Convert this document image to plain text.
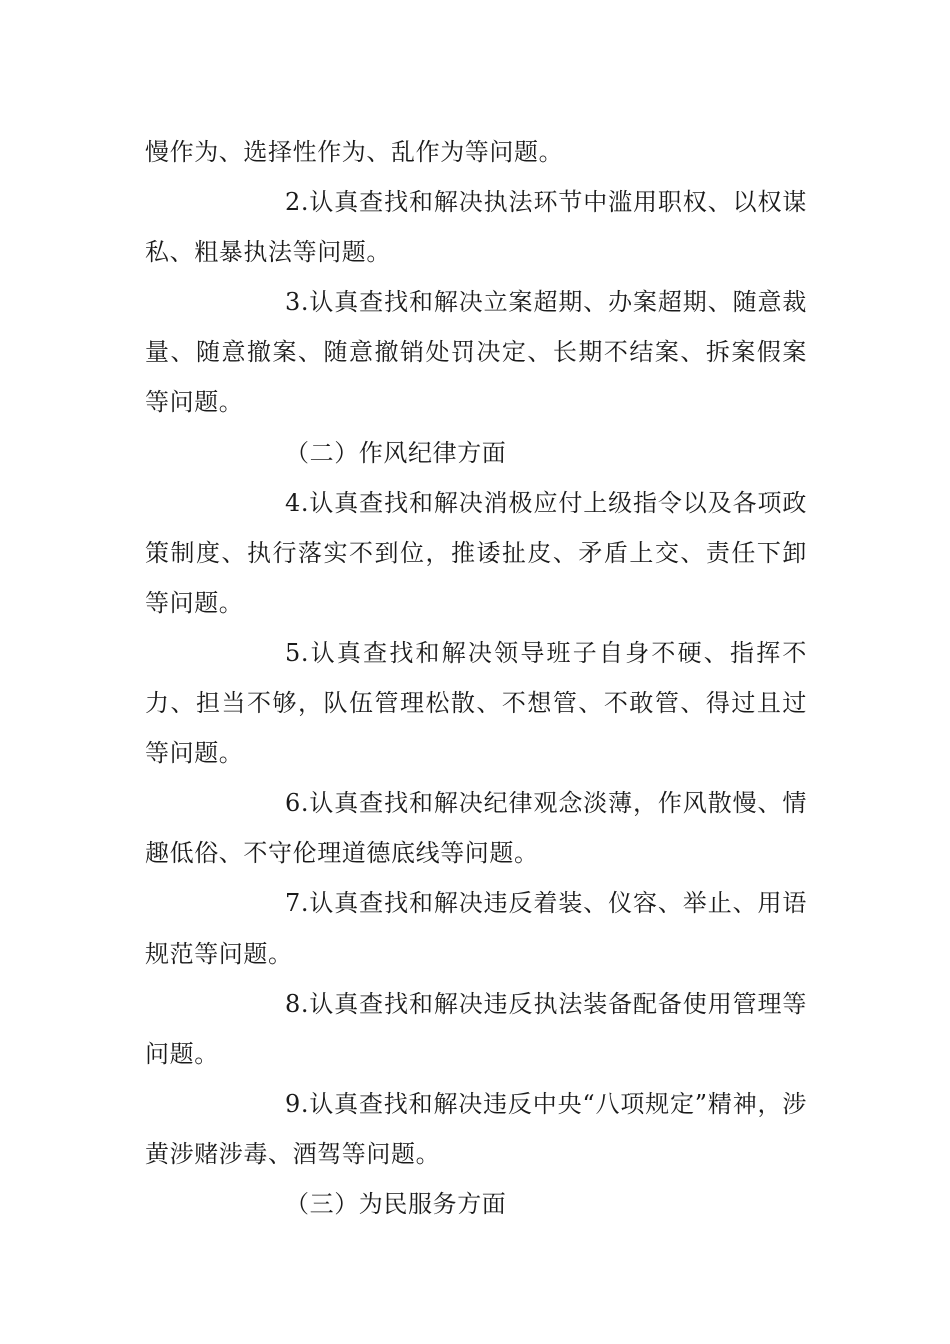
慢作为、选择性作为、乱作为等问题。

2.认真查找和解决执法环节中滥用职权、以权谋私、粗暴执法等问题。

3.认真查找和解决立案超期、办案超期、随意裁量、随意撤案、随意撤销处罚决定、长期不结案、拆案假案等问题。

（二）作风纪律方面

4.认真查找和解决消极应付上级指令以及各项政策制度、执行落实不到位，推诿扯皮、矛盾上交、责任下卸等问题。

5.认真查找和解决领导班子自身不硬、指挥不力、担当不够，队伍管理松散、不想管、不敢管、得过且过等问题。

6.认真查找和解决纪律观念淡薄，作风散慢、情趣低俗、不守伦理道德底线等问题。

7.认真查找和解决违反着装、仪容、举止、用语规范等问题。

8.认真查找和解决违反执法装备配备使用管理等问题。

9.认真查找和解决违反中央“八项规定”精神，涉黄涉赌涉毒、酒驾等问题。

（三）为民服务方面
